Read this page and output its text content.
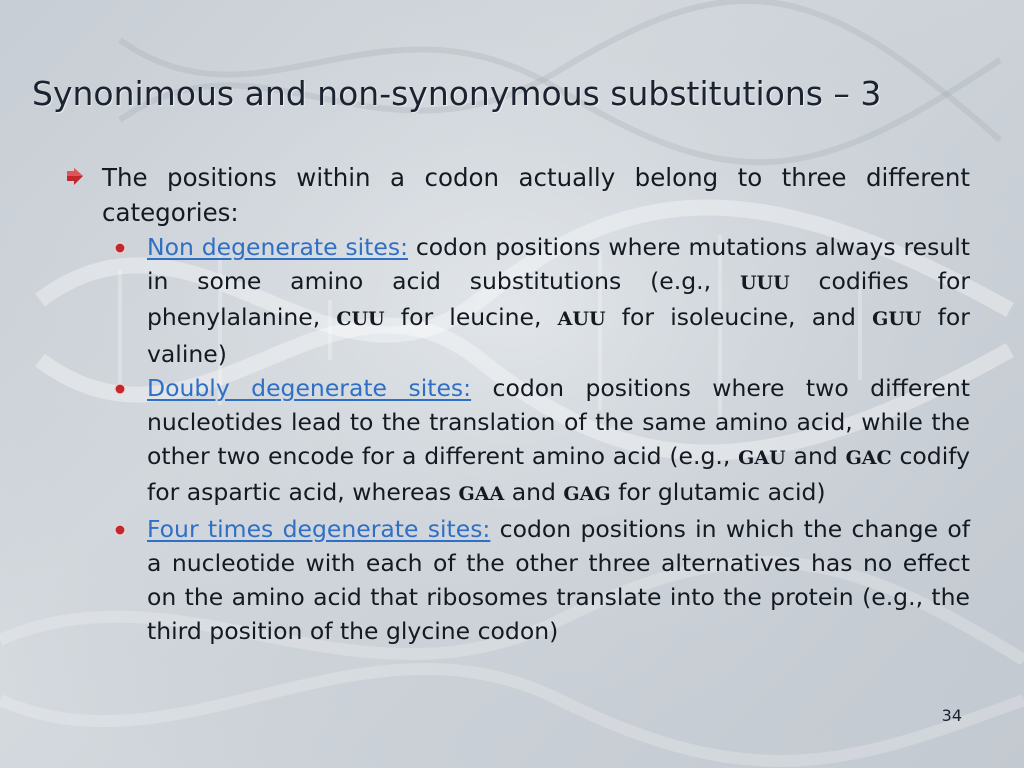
Synonimous and non-synonymous substitutions – 3
The positions within a codon actually belong to three different categories:
Non degenerate sites: codon positions where mutations always result in some amino acid substitutions (e.g., UUU codifies for phenylalanine, CUU for leucine, AUU for isoleucine, and GUU for valine)
Doubly degenerate sites: codon positions where two different nucleotides lead to the translation of the same amino acid, while the other two encode for a different amino acid (e.g., GAU and GAC codify for aspartic acid, whereas GAA and GAG for glutamic acid)
Four times degenerate sites: codon positions in which the change of a nucleotide with each of the other three alternatives has no effect on the amino acid that ribosomes translate into the protein (e.g., the third position of the glycine codon)
34
